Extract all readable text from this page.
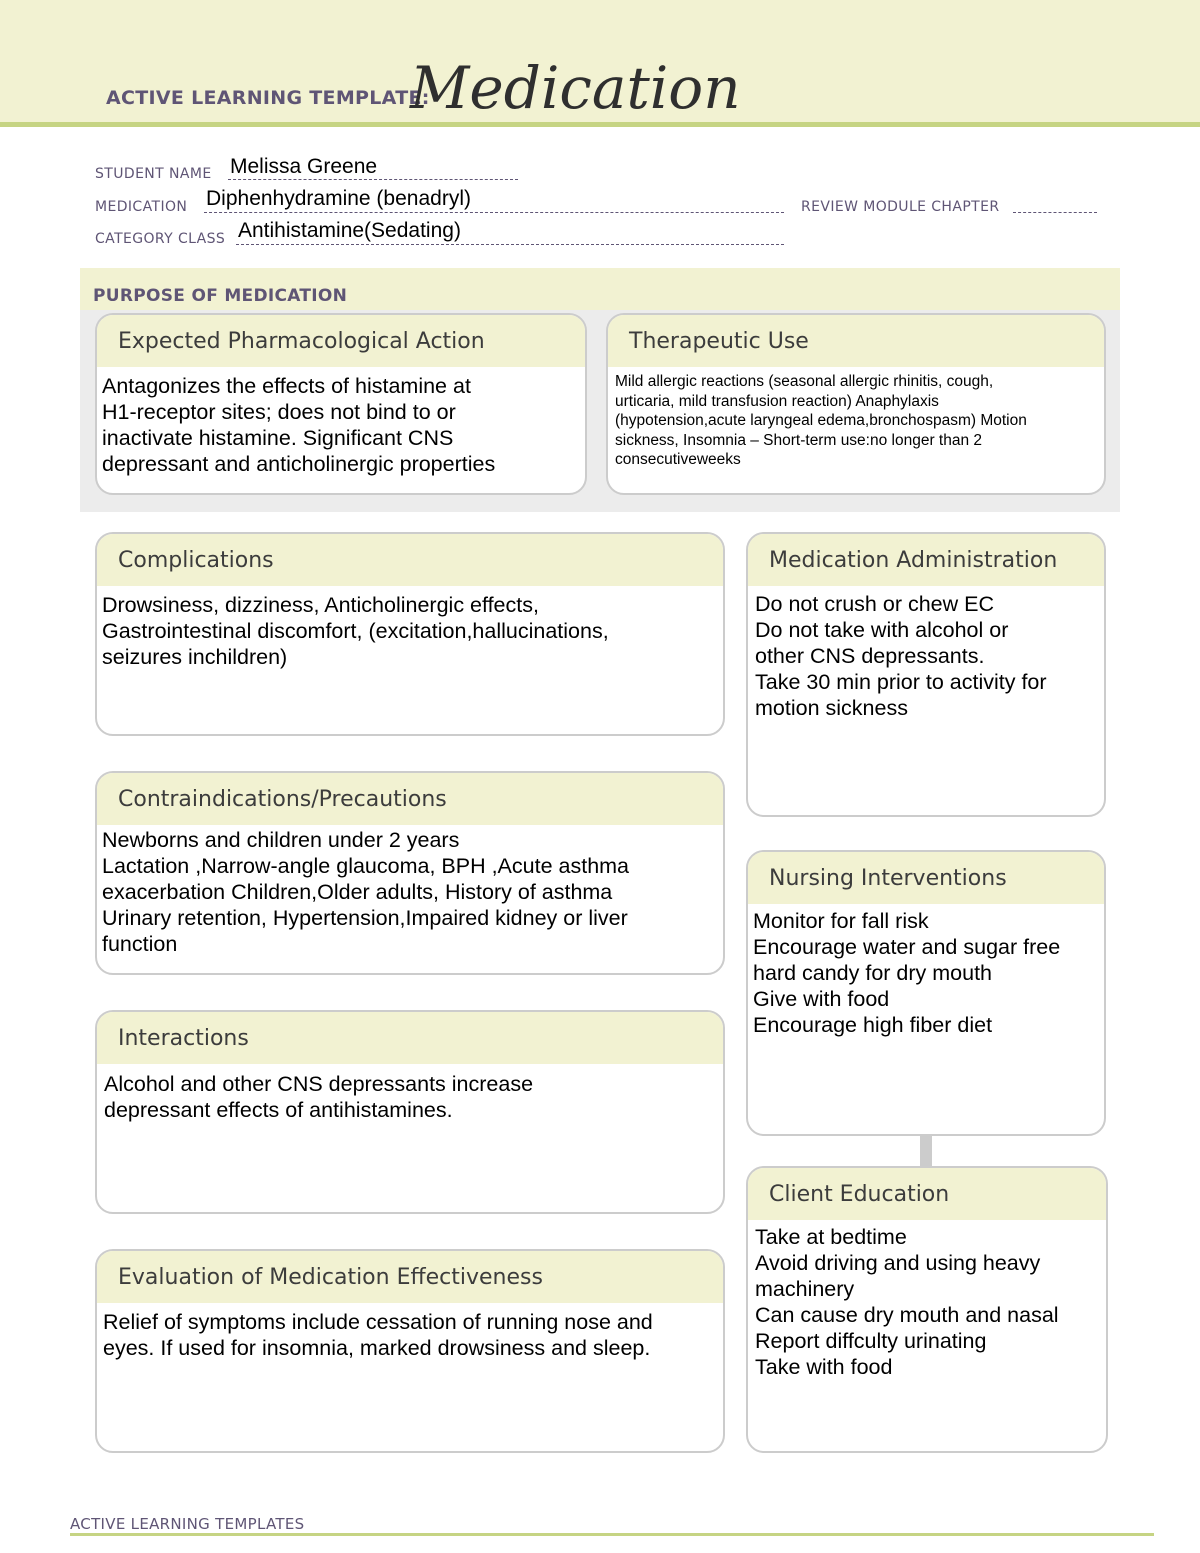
ACTIVE LEARNING TEMPLATE:
Medication
STUDENT NAME Melissa Greene
MEDICATION Diphenhydramine (benadryl)	REVIEW MODULE CHAPTER
CATEGORY CLASS Antihistamine(Sedating)
PURPOSE OF MEDICATION
Expected Pharmacological Action
Antagonizes the effects of histamine at
H1-receptor sites; does not bind to or
inactivate histamine. Significant CNS
depressant and anticholinergic properties
Therapeutic Use
Mild allergic reactions (seasonal allergic rhinitis, cough,
urticaria, mild transfusion reaction) Anaphylaxis
(hypotension,acute laryngeal edema,bronchospasm) Motion
sickness, Insomnia – Short-term use:no longer than 2
consecutiveweeks
Complications
Drowsiness, dizziness, Anticholinergic effects,
Gastrointestinal discomfort, (excitation,hallucinations,
seizures inchildren)
Contraindications/Precautions
Newborns and children under 2 years
Lactation ,Narrow-angle glaucoma, BPH ,Acute asthma
exacerbation Children,Older adults, History of asthma
Urinary retention, Hypertension,Impaired kidney or liver
function
Interactions
Alcohol and other CNS depressants increase
depressant effects of antihistamines.
Evaluation of Medication Effectiveness
Relief of symptoms include cessation of running nose and
eyes. If used for insomnia, marked drowsiness and sleep.
Medication Administration
Do not crush or chew EC
Do not take with alcohol or
other CNS depressants.
Take 30 min prior to activity for
motion sickness
Nursing Interventions
Monitor for fall risk
Encourage water and sugar free
hard candy for dry mouth
Give with food
Encourage high fiber diet
Client Education
Take at bedtime
Avoid driving and using heavy
machinery
Can cause dry mouth and nasal
Report diffculty urinating
Take with food
ACTIVE LEARNING TEMPLATES
